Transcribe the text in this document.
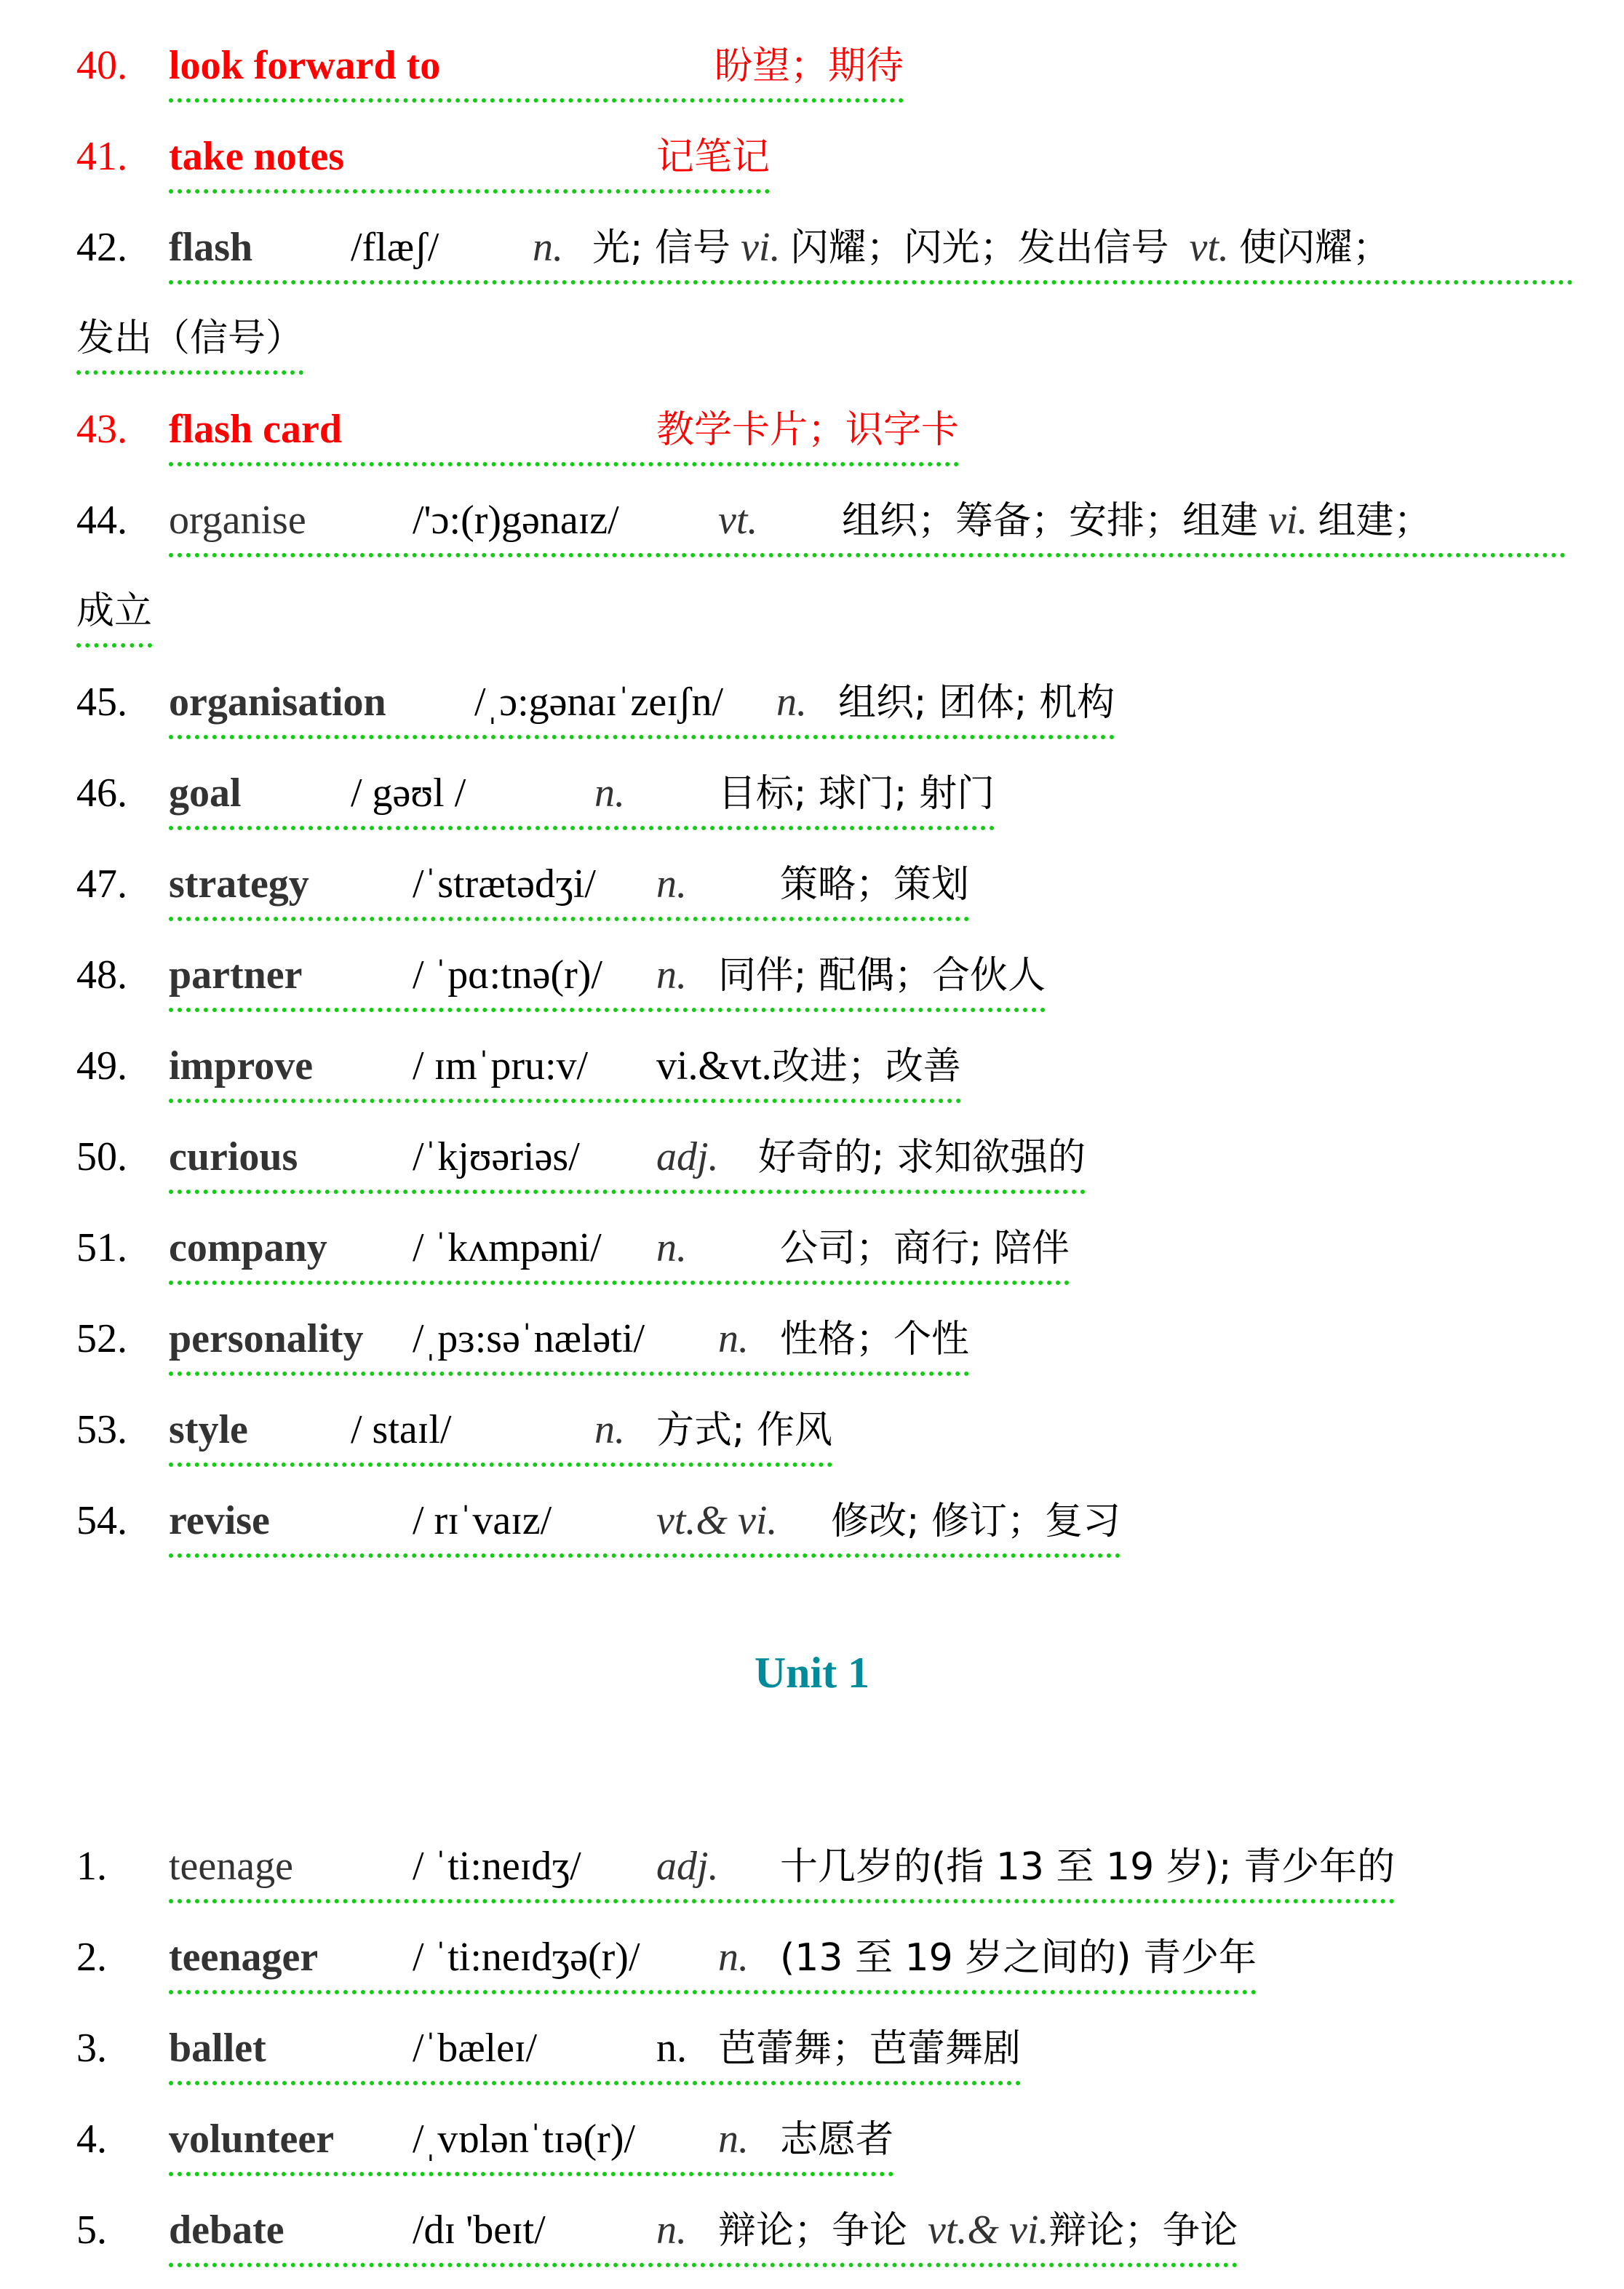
40. look forward to	盼望；期待
41. take notes	记笔记
42. flash /flæʃ/ n. 光; 信号 vi. 闪耀；闪光；发出信号 vt. 使闪耀；
发出（信号）
43. flash card	教学卡片；识字卡
44. organise	/'ɔ:(r)gənaɪz/ vt. 组织；筹备；安排；组建 vi. 组建；
成立
45. organisation /ˌɔ:gənaɪˈzeɪʃn/ n. 组织; 团体; 机构
46. goal	/ gəʊl /	n. 目标; 球门; 射门
47. strategy	/ˈstrætədʒi/ n. 策略；策划
48. partner	/ ˈpɑ:tnə(r)/ n. 同伴; 配偶；合伙人
49. improve / ɪmˈpru:v/ vi.&vt.改进；改善
50. curious	/ˈkjʊəriəs/ adj. 好奇的; 求知欲强的
51. company / ˈkʌmpəni/ n. 公司；商行; 陪伴
52. personality /ˌpɜ:səˈnæləti/ n. 性格；个性
53. style	/ staɪl/	n. 方式; 作风
54. revise	/ rɪˈvaɪz/	vt.& vi. 修改; 修订；复习
Unit 1
1. teenage	/ ˈti:neɪdʒ/ adj. 十几岁的(指 13 至 19 岁); 青少年的
2. teenager / ˈti:neɪdʒə(r)/ n. (13 至 19 岁之间的) 青少年
3. ballet	/ˈbæleɪ/	n. 芭蕾舞；芭蕾舞剧
4. volunteer /ˌvɒlənˈtɪə(r)/ n. 志愿者
5. debate	/dɪ 'beɪt/	n. 辩论；争论 vt.& vi.辩论；争论
